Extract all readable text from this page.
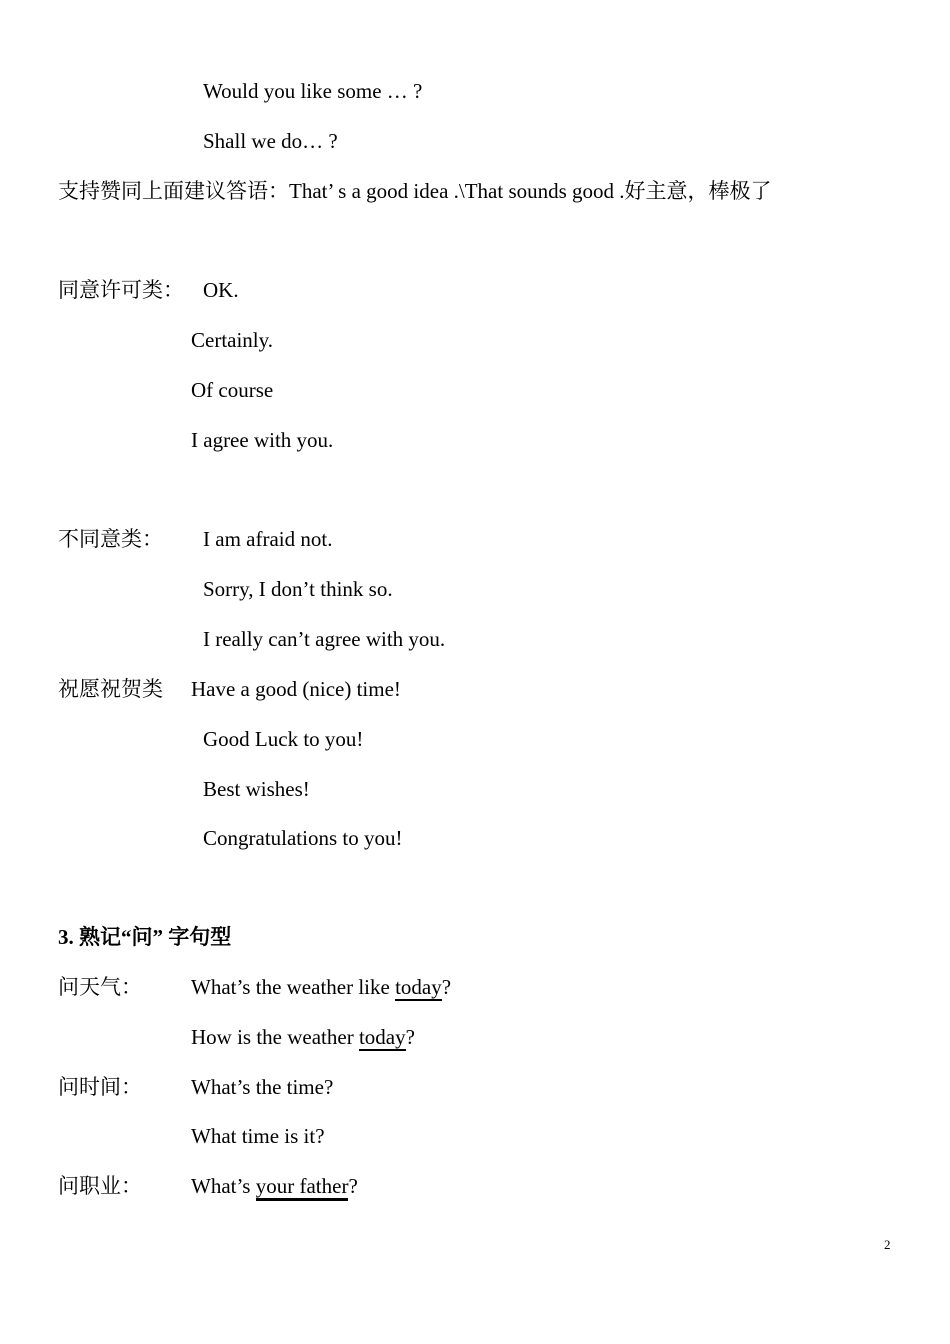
Would you like some … ?
Shall we do… ?
支持赞同上面建议答语：That’ s a good idea .\That sounds good .好主意，棒极了
同意许可类： OK.
Certainly.
Of course
I agree with you.
不同意类： I am afraid not.
Sorry, I don’t think so.
I really can’t agree with you.
祝愿祝贺类 Have a good (nice) time!
Good Luck to you!
Best wishes!
Congratulations to you!
3. 熟记“问” 字句型
问天气： What’s the weather like today?
How is the weather today?
问时间： What’s the time?
What time is it?
问职业： What’s your father?
2
